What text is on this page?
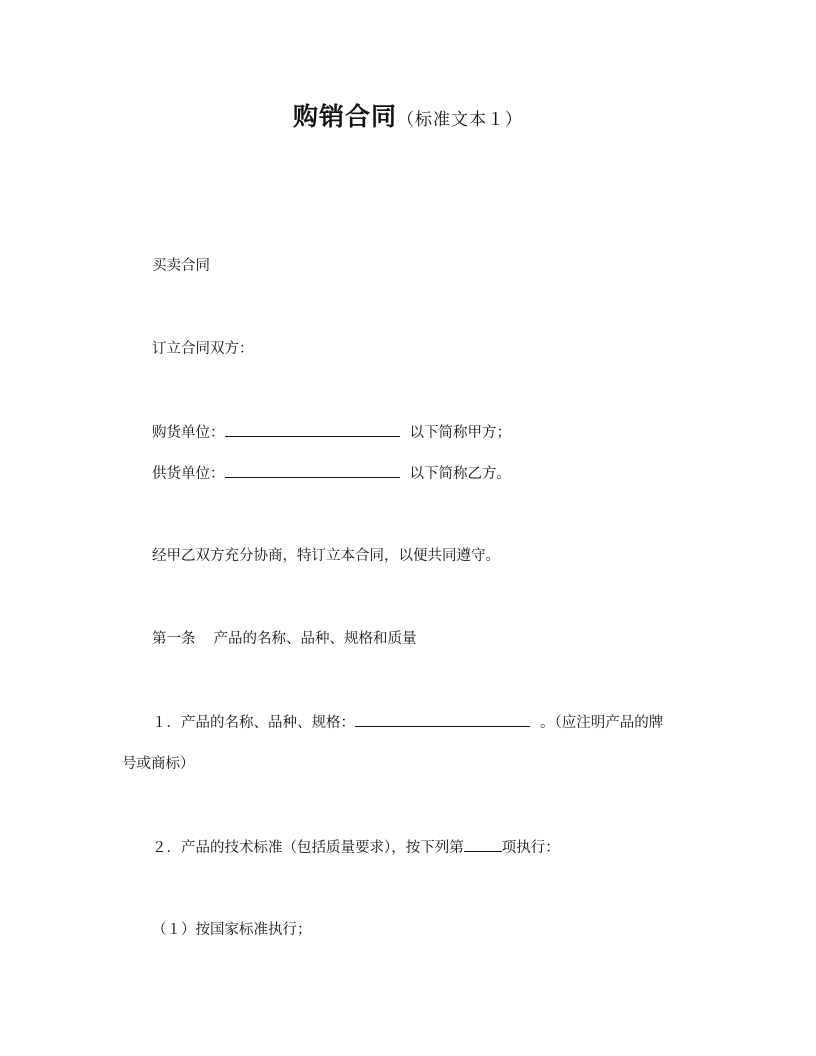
购销合同（标准文本１）
买卖合同
订立合同双方：
购货单位：	以下简称甲方；
供货单位：	以下简称乙方。
经甲乙双方充分协商，特订立本合同，以便共同遵守。
第一条 产品的名称、品种、规格和质量
１．产品的名称、品种、规格：	。（应注明产品的牌
号或商标）
２．产品的技术标准（包括质量要求），按下列第	项执行：
（１）按国家标准执行；
